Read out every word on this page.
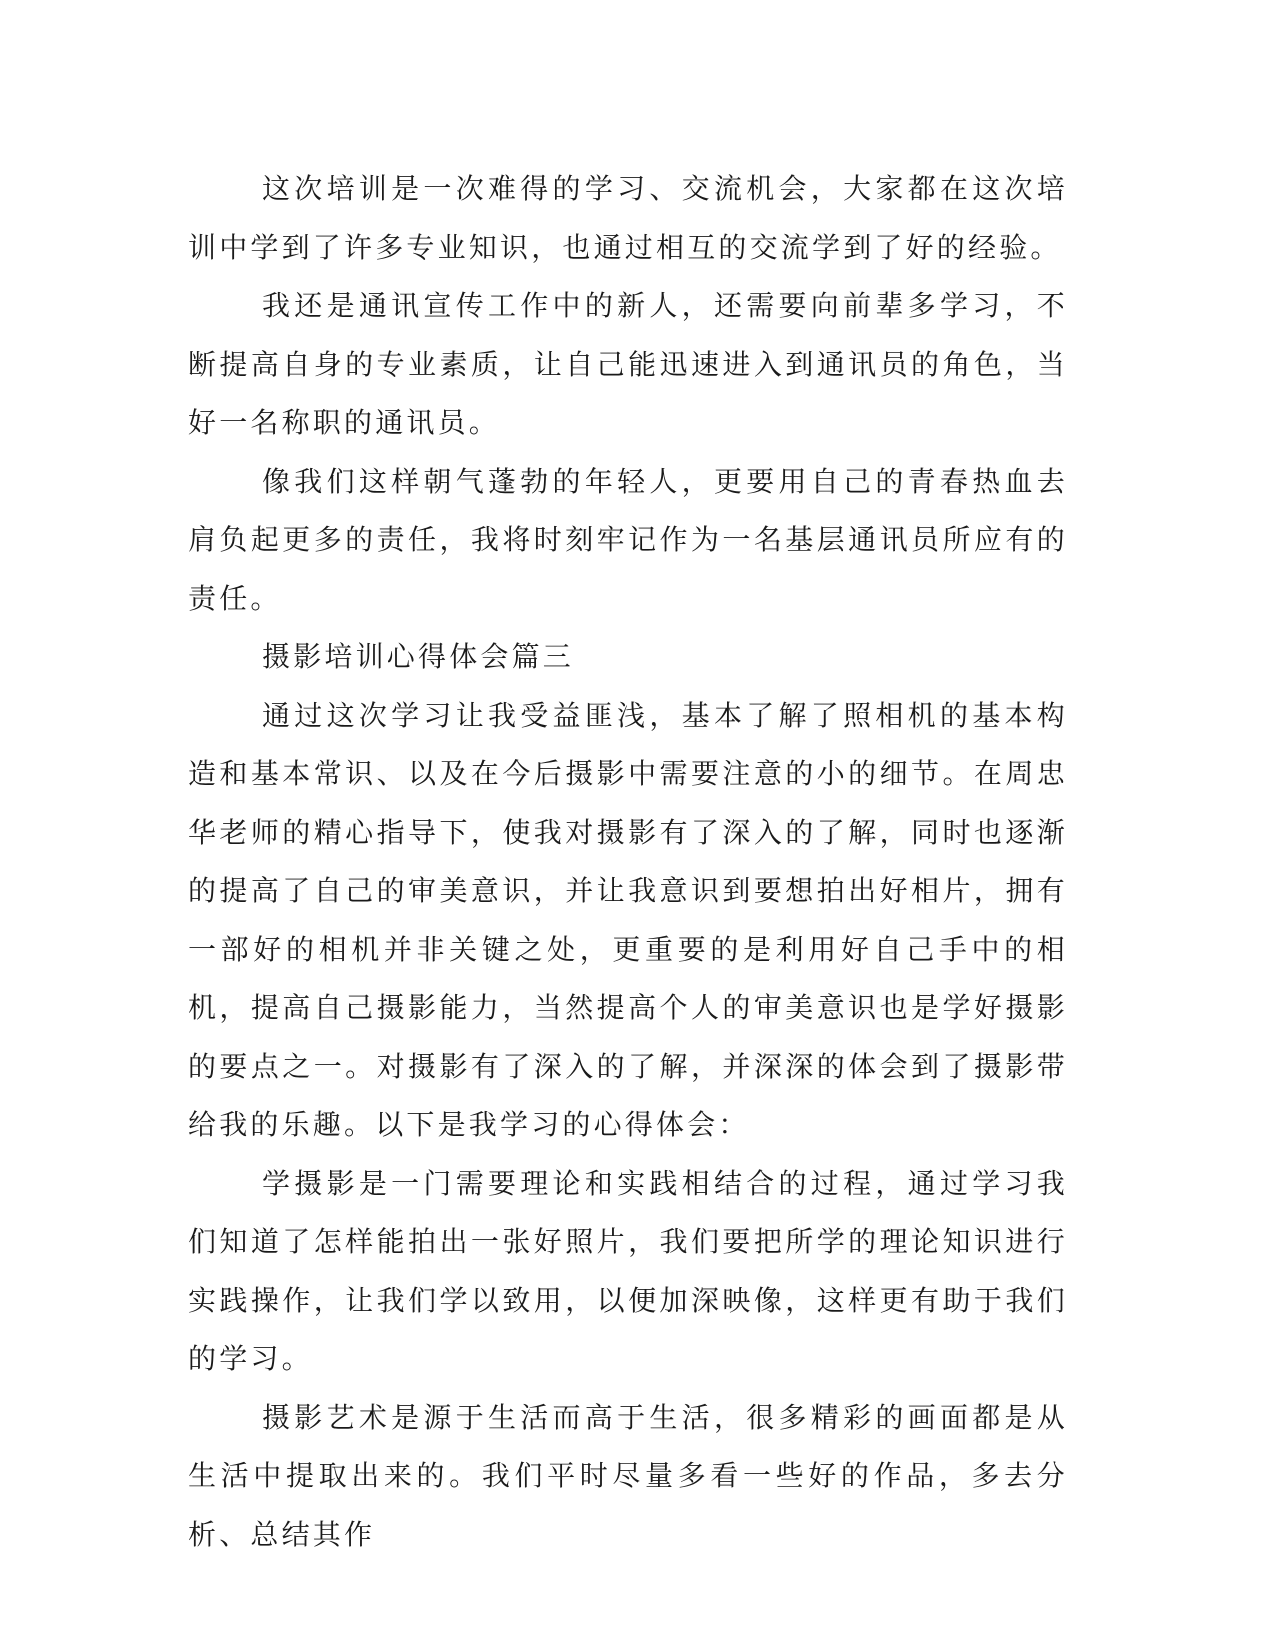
这次培训是一次难得的学习、交流机会，大家都在这次培训中学到了许多专业知识，也通过相互的交流学到了好的经验。

我还是通讯宣传工作中的新人，还需要向前辈多学习，不断提高自身的专业素质，让自己能迅速进入到通讯员的角色，当好一名称职的通讯员。

像我们这样朝气蓬勃的年轻人，更要用自己的青春热血去肩负起更多的责任，我将时刻牢记作为一名基层通讯员所应有的责任。

摄影培训心得体会篇三

通过这次学习让我受益匪浅，基本了解了照相机的基本构造和基本常识、以及在今后摄影中需要注意的小的细节。在周忠华老师的精心指导下，使我对摄影有了深入的了解，同时也逐渐的提高了自己的审美意识，并让我意识到要想拍出好相片，拥有一部好的相机并非关键之处，更重要的是利用好自己手中的相机，提高自己摄影能力，当然提高个人的审美意识也是学好摄影的要点之一。对摄影有了深入的了解，并深深的体会到了摄影带给我的乐趣。以下是我学习的心得体会：

学摄影是一门需要理论和实践相结合的过程，通过学习我们知道了怎样能拍出一张好照片，我们要把所学的理论知识进行实践操作，让我们学以致用，以便加深映像，这样更有助于我们的学习。

摄影艺术是源于生活而高于生活，很多精彩的画面都是从生活中提取出来的。我们平时尽量多看一些好的作品，多去分析、总结其作
